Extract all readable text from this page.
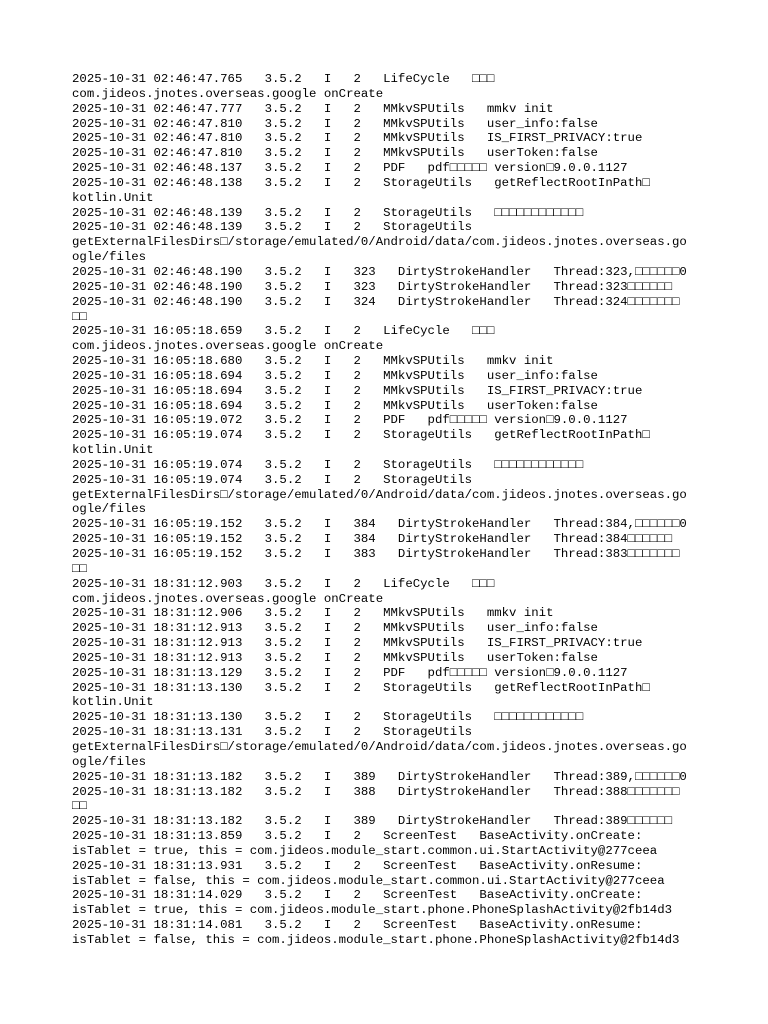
2025-10-31 02:46:47.765   3.5.2   I   2   LifeCycle   □□□
com.jideos.jnotes.overseas.google onCreate
2025-10-31 02:46:47.777   3.5.2   I   2   MMkvSPUtils   mmkv init
2025-10-31 02:46:47.810   3.5.2   I   2   MMkvSPUtils   user_info:false
2025-10-31 02:46:47.810   3.5.2   I   2   MMkvSPUtils   IS_FIRST_PRIVACY:true
2025-10-31 02:46:47.810   3.5.2   I   2   MMkvSPUtils   userToken:false
2025-10-31 02:46:48.137   3.5.2   I   2   PDF   pdf□□□□□ version□9.0.0.1127
2025-10-31 02:46:48.138   3.5.2   I   2   StorageUtils   getReflectRootInPath□
kotlin.Unit
2025-10-31 02:46:48.139   3.5.2   I   2   StorageUtils   □□□□□□□□□□□□
2025-10-31 02:46:48.139   3.5.2   I   2   StorageUtils
getExternalFilesDirs□/storage/emulated/0/Android/data/com.jideos.jnotes.overseas.go
ogle/files
2025-10-31 02:46:48.190   3.5.2   I   323   DirtyStrokeHandler   Thread:323,□□□□□□0
2025-10-31 02:46:48.190   3.5.2   I   323   DirtyStrokeHandler   Thread:323□□□□□□
2025-10-31 02:46:48.190   3.5.2   I   324   DirtyStrokeHandler   Thread:324□□□□□□□
□□
2025-10-31 16:05:18.659   3.5.2   I   2   LifeCycle   □□□
com.jideos.jnotes.overseas.google onCreate
2025-10-31 16:05:18.680   3.5.2   I   2   MMkvSPUtils   mmkv init
2025-10-31 16:05:18.694   3.5.2   I   2   MMkvSPUtils   user_info:false
2025-10-31 16:05:18.694   3.5.2   I   2   MMkvSPUtils   IS_FIRST_PRIVACY:true
2025-10-31 16:05:18.694   3.5.2   I   2   MMkvSPUtils   userToken:false
2025-10-31 16:05:19.072   3.5.2   I   2   PDF   pdf□□□□□ version□9.0.0.1127
2025-10-31 16:05:19.074   3.5.2   I   2   StorageUtils   getReflectRootInPath□
kotlin.Unit
2025-10-31 16:05:19.074   3.5.2   I   2   StorageUtils   □□□□□□□□□□□□
2025-10-31 16:05:19.074   3.5.2   I   2   StorageUtils
getExternalFilesDirs□/storage/emulated/0/Android/data/com.jideos.jnotes.overseas.go
ogle/files
2025-10-31 16:05:19.152   3.5.2   I   384   DirtyStrokeHandler   Thread:384,□□□□□□0
2025-10-31 16:05:19.152   3.5.2   I   384   DirtyStrokeHandler   Thread:384□□□□□□
2025-10-31 16:05:19.152   3.5.2   I   383   DirtyStrokeHandler   Thread:383□□□□□□□
□□
2025-10-31 18:31:12.903   3.5.2   I   2   LifeCycle   □□□
com.jideos.jnotes.overseas.google onCreate
2025-10-31 18:31:12.906   3.5.2   I   2   MMkvSPUtils   mmkv init
2025-10-31 18:31:12.913   3.5.2   I   2   MMkvSPUtils   user_info:false
2025-10-31 18:31:12.913   3.5.2   I   2   MMkvSPUtils   IS_FIRST_PRIVACY:true
2025-10-31 18:31:12.913   3.5.2   I   2   MMkvSPUtils   userToken:false
2025-10-31 18:31:13.129   3.5.2   I   2   PDF   pdf□□□□□ version□9.0.0.1127
2025-10-31 18:31:13.130   3.5.2   I   2   StorageUtils   getReflectRootInPath□
kotlin.Unit
2025-10-31 18:31:13.130   3.5.2   I   2   StorageUtils   □□□□□□□□□□□□
2025-10-31 18:31:13.131   3.5.2   I   2   StorageUtils
getExternalFilesDirs□/storage/emulated/0/Android/data/com.jideos.jnotes.overseas.go
ogle/files
2025-10-31 18:31:13.182   3.5.2   I   389   DirtyStrokeHandler   Thread:389,□□□□□□0
2025-10-31 18:31:13.182   3.5.2   I   388   DirtyStrokeHandler   Thread:388□□□□□□□
□□
2025-10-31 18:31:13.182   3.5.2   I   389   DirtyStrokeHandler   Thread:389□□□□□□
2025-10-31 18:31:13.859   3.5.2   I   2   ScreenTest   BaseActivity.onCreate:
isTablet = true, this = com.jideos.module_start.common.ui.StartActivity@277ceea
2025-10-31 18:31:13.931   3.5.2   I   2   ScreenTest   BaseActivity.onResume:
isTablet = false, this = com.jideos.module_start.common.ui.StartActivity@277ceea
2025-10-31 18:31:14.029   3.5.2   I   2   ScreenTest   BaseActivity.onCreate:
isTablet = true, this = com.jideos.module_start.phone.PhoneSplashActivity@2fb14d3
2025-10-31 18:31:14.081   3.5.2   I   2   ScreenTest   BaseActivity.onResume:
isTablet = false, this = com.jideos.module_start.phone.PhoneSplashActivity@2fb14d3
